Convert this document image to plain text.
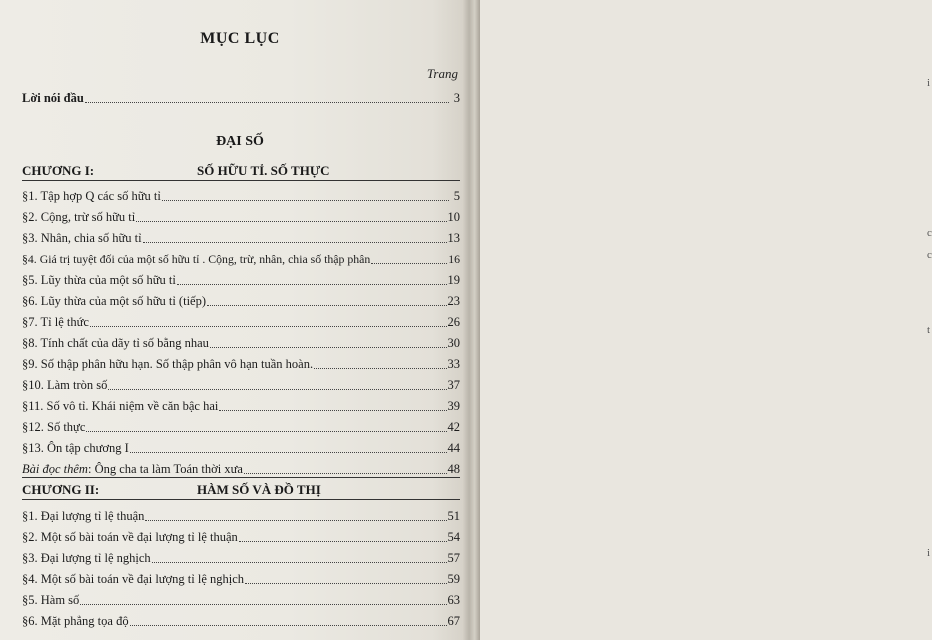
i
c
c
t
i
MỤC LỤC
Trang
Lời nói đầu	3
ĐẠI SỐ
CHƯƠNG I:	SỐ HỮU TỈ. SỐ THỰC
§1. Tập hợp Q các số hữu tỉ	5
§2. Cộng, trừ số hữu tỉ	10
§3. Nhân, chia số hữu tỉ	13
§4. Giá trị tuyệt đối của một số hữu tỉ . Cộng, trừ, nhân, chia số thập phân	16
§5. Lũy thừa của một số hữu tỉ	19
§6. Lũy thừa của một số hữu tỉ (tiếp)	23
§7. Tỉ lệ thức	26
§8. Tính chất của dãy tỉ số bằng nhau	30
§9. Số thập phân hữu hạn. Số thập phân vô hạn tuần hoàn.	33
§10. Làm tròn số	37
§11. Số vô tỉ. Khái niệm về căn bậc hai	39
§12. Số thực	42
§13. Ôn tập chương I	44
Bài đọc thêm: Ông cha ta làm Toán thời xưa	48
CHƯƠNG II:	HÀM SỐ VÀ ĐỒ THỊ
§1. Đại lượng tỉ lệ thuận	51
§2. Một số bài toán về đại lượng tỉ lệ thuận	54
§3. Đại lượng tỉ lệ nghịch	57
§4. Một số bài toán về đại lượng tỉ lệ nghịch	59
§5. Hàm số	63
§6. Mặt phẳng tọa độ	67
